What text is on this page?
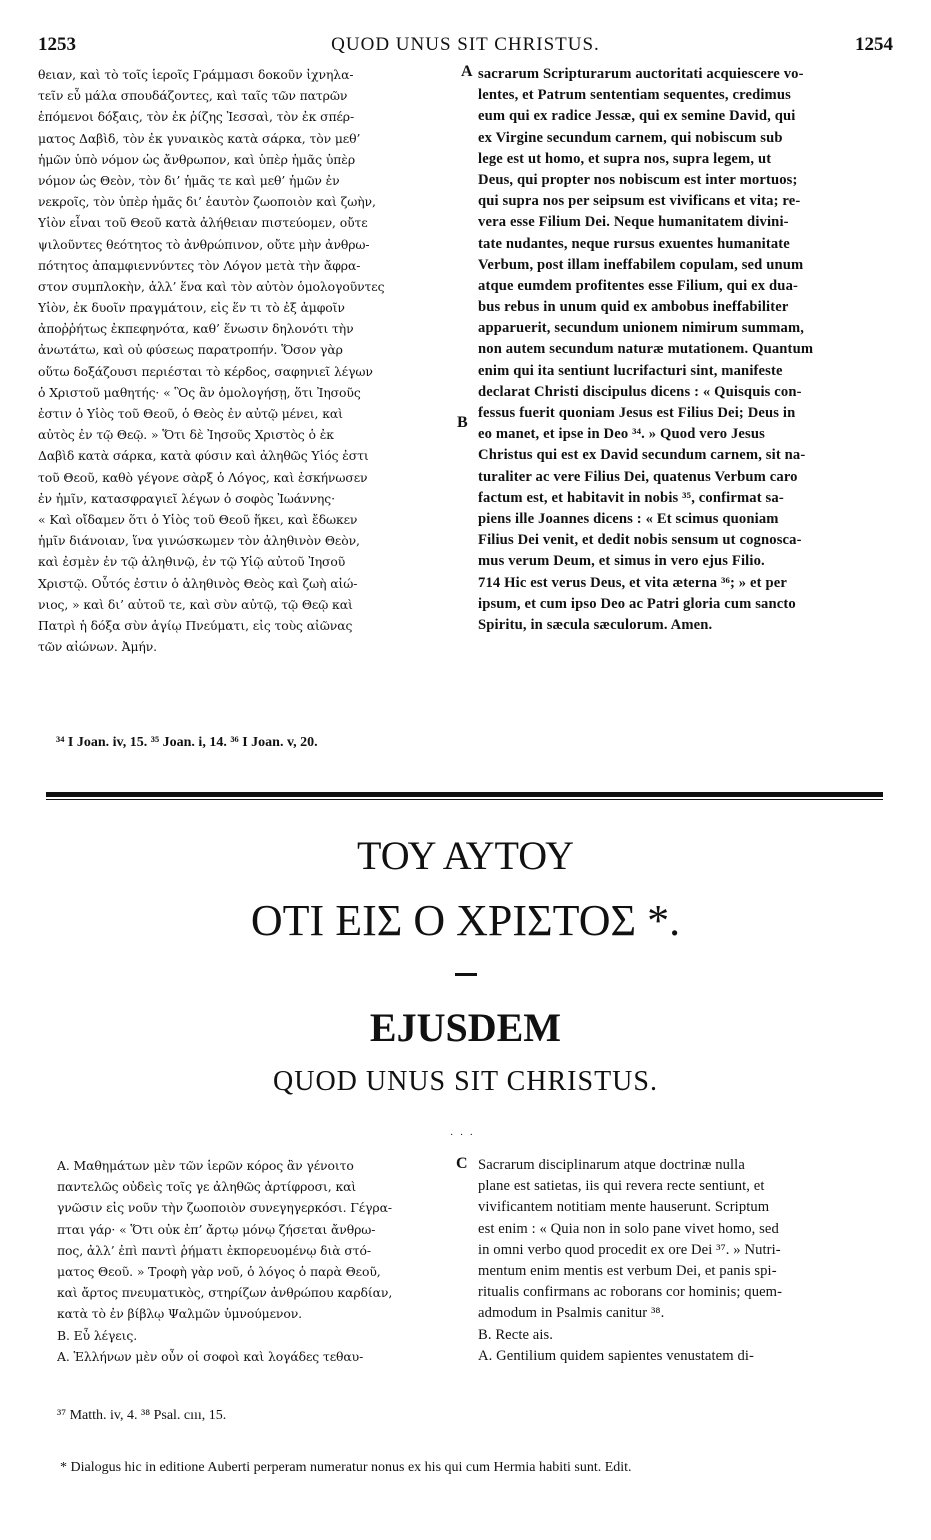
1253	QUOD UNUS SIT CHRISTUS.	1254
θειαν, καὶ τὸ τοῖς ἱεροῖς Γράμμασι δοκοῦν ἰχνηλα-
τεῖν εὖ μάλα σπουδάζοντες, καὶ ταῖς τῶν πατρῶν
ἑπόμενοι δόξαις, τὸν ἐκ ῥίζης Ἰεσσαὶ, τὸν ἐκ σπέρ-
ματος Δαβὶδ, τὸν ἐκ γυναικὸς κατὰ σάρκα, τὸν μεθ’
ἡμῶν ὑπὸ νόμον ὡς ἄνθρωπον, καὶ ὑπὲρ ἡμᾶς ὑπὲρ
νόμον ὡς Θεὸν, τὸν δι’ ἡμᾶς τε καὶ μεθ’ ἡμῶν ἐν
νεκροῖς, τὸν ὑπὲρ ἡμᾶς δι’ ἑαυτὸν ζωοποιὸν καὶ ζωὴν,
Υἱὸν εἶναι τοῦ Θεοῦ κατὰ ἀλήθειαν πιστεύομεν, οὔτε
ψιλοῦντες θεότητος τὸ ἀνθρώπινον, οὔτε μὴν ἀνθρω-
πότητος ἀπαμφιεννύντες τὸν Λόγον μετὰ τὴν ἄφρα-
στον συμπλοκὴν, ἀλλ’ ἕνα καὶ τὸν αὐτὸν ὁμολογοῦντες
Υἱὸν, ἐκ δυοῖν πραγμάτοιν, εἰς ἕν τι τὸ ἐξ ἀμφοῖν
ἀποῤῥήτως ἐκπεφηνότα, καθ’ ἕνωσιν δηλονότι τὴν
ἀνωτάτω, καὶ οὐ φύσεως παρατροπήν. Ὅσον γὰρ
οὕτω δοξάζουσι περιέσται τὸ κέρδος, σαφηνιεῖ λέγων
ὁ Χριστοῦ μαθητής· « Ὃς ἂν ὁμολογήσῃ, ὅτι Ἰησοῦς
ἐστιν ὁ Υἱὸς τοῦ Θεοῦ, ὁ Θεὸς ἐν αὐτῷ μένει, καὶ
αὐτὸς ἐν τῷ Θεῷ. » Ὅτι δὲ Ἰησοῦς Χριστὸς ὁ ἐκ
Δαβὶδ κατὰ σάρκα, κατὰ φύσιν καὶ ἀληθῶς Υἱός ἐστι
τοῦ Θεοῦ, καθὸ γέγονε σὰρξ ὁ Λόγος, καὶ ἐσκήνωσεν
ἐν ἡμῖν, κατασφραγιεῖ λέγων ὁ σοφὸς Ἰωάννης·
« Καὶ οἴδαμεν ὅτι ὁ Υἱὸς τοῦ Θεοῦ ἥκει, καὶ ἔδωκεν
ἡμῖν διάνοιαν, ἵνα γινώσκωμεν τὸν ἀληθινὸν Θεὸν,
καὶ ἐσμὲν ἐν τῷ ἀληθινῷ, ἐν τῷ Υἱῷ αὐτοῦ Ἰησοῦ
Χριστῷ. Οὗτός ἐστιν ὁ ἀληθινὸς Θεὸς καὶ ζωὴ αἰώ-
νιος, » καὶ δι’ αὐτοῦ τε, καὶ σὺν αὐτῷ, τῷ Θεῷ καὶ
Πατρὶ ἡ δόξα σὺν ἁγίῳ Πνεύματι, εἰς τοὺς αἰῶνας
τῶν αἰώνων. Ἀμήν.
A
B
sacrarum Scripturarum auctoritati acquiescere vo-
lentes, et Patrum sententiam sequentes, credimus
eum qui ex radice Jessæ, qui ex semine David, qui
ex Virgine secundum carnem, qui nobiscum sub
lege est ut homo, et supra nos, supra legem, ut
Deus, qui propter nos nobiscum est inter mortuos;
qui supra nos per seipsum est vivificans et vita; re-
vera esse Filium Dei. Neque humanitatem divini-
tate nudantes, neque rursus exuentes humanitate
Verbum, post illam ineffabilem copulam, sed unum
atque eumdem profitentes esse Filium, qui ex dua-
bus rebus in unum quid ex ambobus ineffabiliter
apparuerit, secundum unionem nimirum summam,
non autem secundum naturæ mutationem. Quantum
enim qui ita sentiunt lucrifacturi sint, manifeste
declarat Christi discipulus dicens : « Quisquis con-
fessus fuerit quoniam Jesus est Filius Dei; Deus in
eo manet, et ipse in Deo ³⁴. » Quod vero Jesus
Christus qui est ex David secundum carnem, sit na-
turaliter ac vere Filius Dei, quatenus Verbum caro
factum est, et habitavit in nobis ³⁵, confirmat sa-
piens ille Joannes dicens : « Et scimus quoniam
Filius Dei venit, et dedit nobis sensum ut cognosca-
mus verum Deum, et simus in vero ejus Filio.
714 Hic est verus Deus, et vita æterna ³⁶; » et per
ipsum, et cum ipso Deo ac Patri gloria cum sancto
Spiritu, in sæcula sæculorum. Amen.
³⁴ I Joan. iv, 15. ³⁵ Joan. i, 14. ³⁶ I Joan. v, 20.
ΤΟΥ ΑΥΤΟΥ
ΟΤΙ ΕΙΣ Ο ΧΡΙΣΤΟΣ *.
EJUSDEM
QUOD UNUS SIT CHRISTUS.
· · ·
Α. Μαθημάτων μὲν τῶν ἱερῶν κόρος ἂν γένοιτο
παντελῶς οὐδεὶς τοῖς γε ἀληθῶς ἀρτίφροσι, καὶ
γνῶσιν εἰς νοῦν τὴν ζωοποιὸν συνεγηγερκόσι. Γέγρα-
πται γάρ· « Ὅτι οὐκ ἐπ’ ἄρτῳ μόνῳ ζήσεται ἄνθρω-
πος, ἀλλ’ ἐπὶ παντὶ ῥήματι ἐκπορευομένῳ διὰ στό-
ματος Θεοῦ. » Τροφὴ γὰρ νοῦ, ὁ λόγος ὁ παρὰ Θεοῦ,
καὶ ἄρτος πνευματικὸς, στηρίζων ἀνθρώπου καρδίαν,
κατὰ τὸ ἐν βίβλῳ Ψαλμῶν ὑμνούμενον.
Β. Εὖ λέγεις.
Α. Ἑλλήνων μὲν οὖν οἱ σοφοὶ καὶ λογάδες τεθαυ-
C Sacrarum disciplinarum atque doctrinæ nulla
plane est satietas, iis qui revera recte sentiunt, et
vivificantem notitiam mente hauserunt. Scriptum
est enim : « Quia non in solo pane vivet homo, sed
in omni verbo quod procedit ex ore Dei ³⁷. » Nutri-
mentum enim mentis est verbum Dei, et panis spi-
ritualis confirmans ac roborans cor hominis; quem-
admodum in Psalmis canitur ³⁸.
B. Recte ais.
A. Gentilium quidem sapientes venustatem di-
³⁷ Matth. iv, 4. ³⁸ Psal. cııı, 15.
* Dialogus hic in editione Auberti perperam numeratur nonus ex his qui cum Hermia habiti sunt. Edit.
